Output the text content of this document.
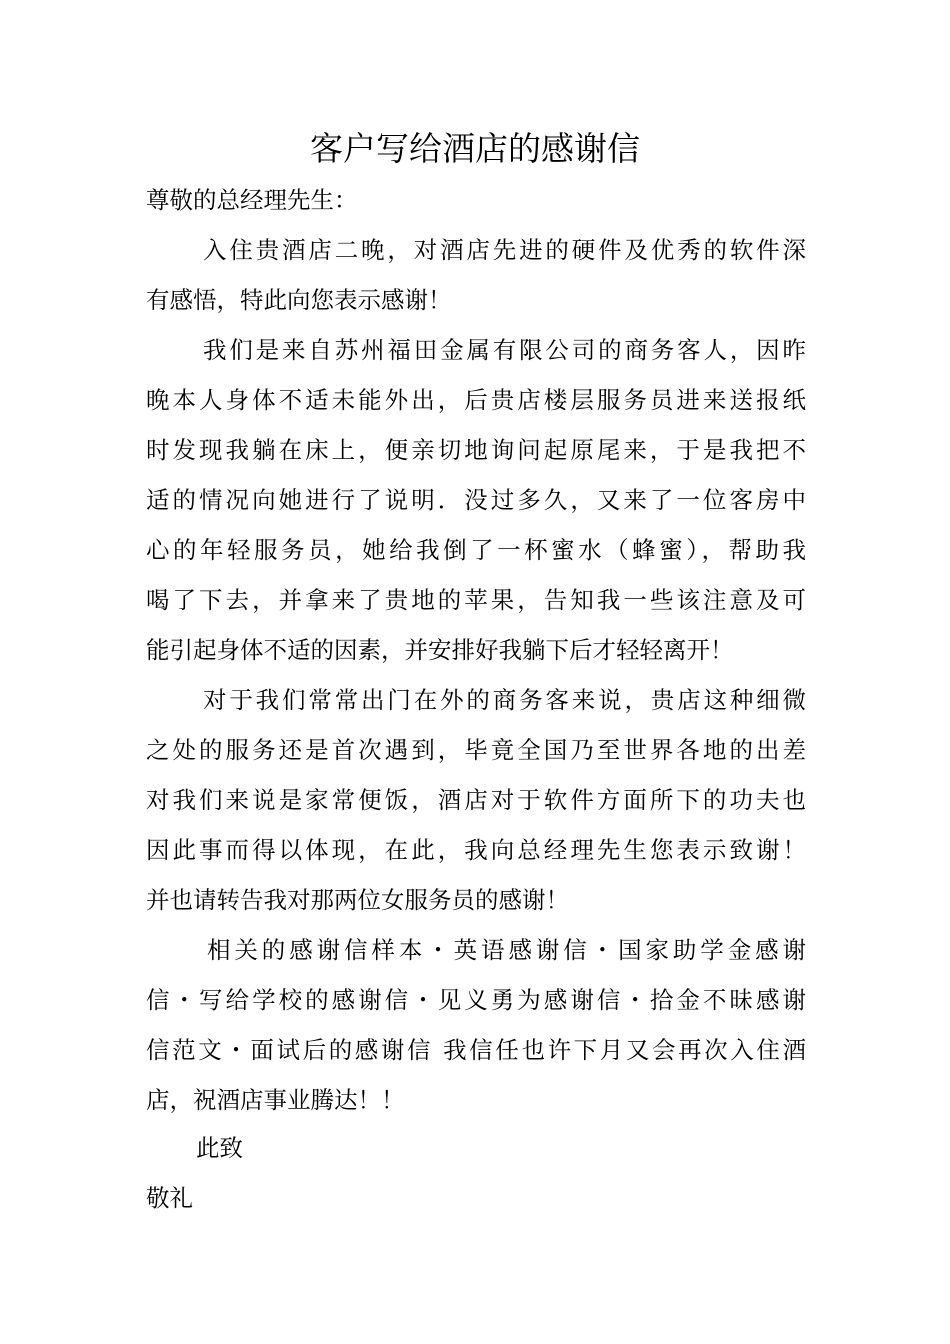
客户写给酒店的感谢信
尊敬的总经理先生：
入住贵酒店二晚，对酒店先进的硬件及优秀的软件深
有感悟，特此向您表示感谢！
我们是来自苏州福田金属有限公司的商务客人，因昨
晚本人身体不适未能外出，后贵店楼层服务员进来送报纸
时发现我躺在床上，便亲切地询问起原尾来，于是我把不
适的情况向她进行了说明．没过多久，又来了一位客房中
心的年轻服务员，她给我倒了一杯蜜水（蜂蜜），帮助我
喝了下去，并拿来了贵地的苹果，告知我一些该注意及可
能引起身体不适的因素，并安排好我躺下后才轻轻离开！
对于我们常常出门在外的商务客来说，贵店这种细微
之处的服务还是首次遇到，毕竟全国乃至世界各地的出差
对我们来说是家常便饭，酒店对于软件方面所下的功夫也
因此事而得以体现，在此，我向总经理先生您表示致谢！
并也请转告我对那两位女服务员的感谢！
相关的感谢信样本・英语感谢信・国家助学金感谢
信・写给学校的感谢信・见义勇为感谢信・拾金不昧感谢
信范文・面试后的感谢信 我信任也许下月又会再次入住酒
店，祝酒店事业腾达！！
此致
敬礼
